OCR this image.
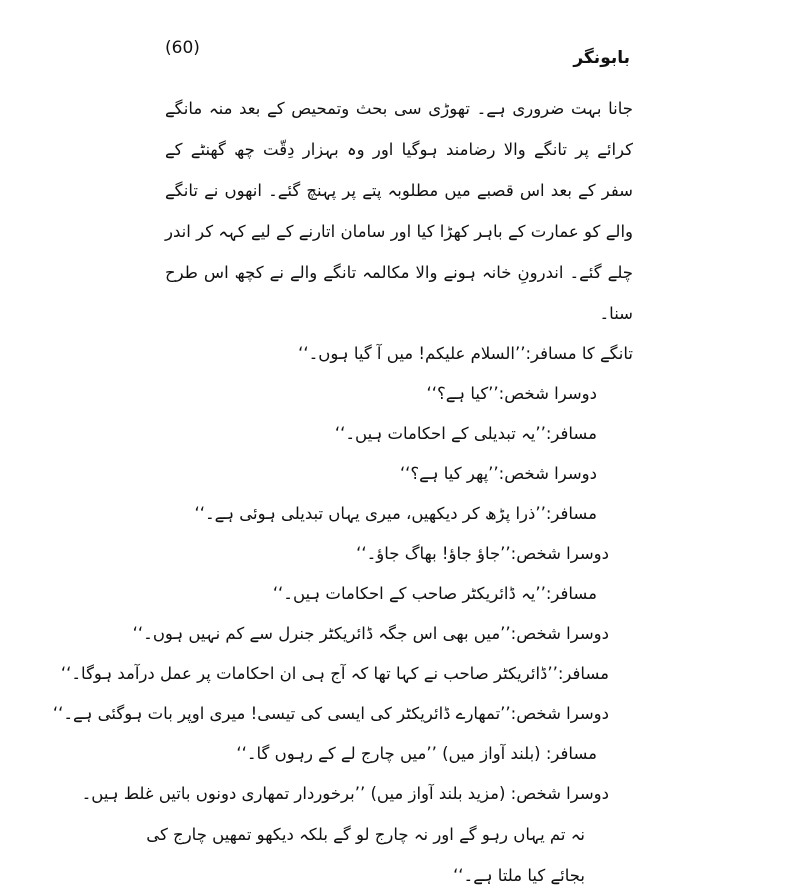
(60)	بابونگر

جانا بہت ضروری ہے۔ تھوڑی سی بحث وتمحیص کے بعد منہ مانگے کرائے پر تانگے والا رضامند ہوگیا اور وہ بہزار دِقّت چھ گھنٹے کے سفر کے بعد اس قصبے میں مطلوبہ پتے پر پہنچ گئے۔ انھوں نے تانگے والے کو عمارت کے باہر کھڑا کیا اور سامان اتارنے کے لیے کہہ کر اندر چلے گئے۔ اندرونِ خانہ ہونے والا مکالمہ تانگے والے نے کچھ اس طرح سنا۔

تانگے کا مسافر:’’السلام علیکم! میں آ گیا ہوں۔‘‘
دوسرا شخص:’’کیا ہے؟‘‘
مسافر:’’یہ تبدیلی کے احکامات ہیں۔‘‘
دوسرا شخص:’’پھر کیا ہے؟‘‘
مسافر:’’ذرا پڑھ کر دیکھیں، میری یہاں تبدیلی ہوئی ہے۔‘‘
دوسرا شخص:’’جاؤ جاؤ! بھاگ جاؤ۔‘‘
مسافر:’’یہ ڈائریکٹر صاحب کے احکامات ہیں۔‘‘
دوسرا شخص:’’میں بھی اس جگہ ڈائریکٹر جنرل سے کم نہیں ہوں۔‘‘
مسافر:’’ڈائریکٹر صاحب نے کہا تھا کہ آج ہی ان احکامات پر عمل درآمد ہوگا۔‘‘
دوسرا شخص:’’تمھارے ڈائریکٹر کی ایسی کی تیسی! میری اوپر بات ہوگئی ہے۔‘‘
مسافر: (بلند آواز میں) ’’میں چارج لے کے رہوں گا۔‘‘
دوسرا شخص: (مزید بلند آواز میں) ’’برخوردار تمھاری دونوں باتیں غلط ہیں۔
نہ تم یہاں رہو گے اور نہ چارج لو گے بلکہ دیکھو تمھیں چارج کی
بجائے کیا ملتا ہے۔‘‘
